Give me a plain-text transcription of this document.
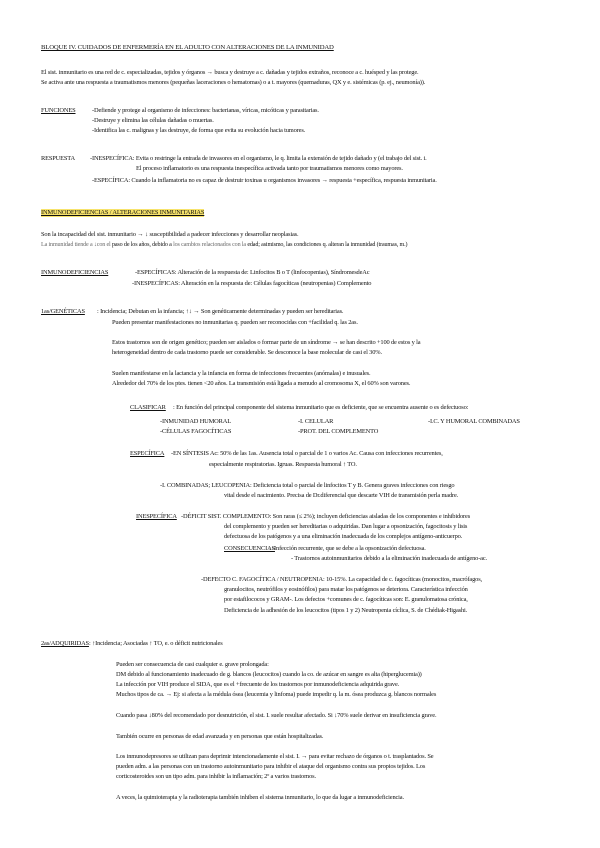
BLOQUE IV. CUIDADOS DE ENFERMERÍA EN EL ADULTO CON ALTERACIONES DE LA INMUNIDAD
El sist. inmunitario es una red de c. especializadas, tejidos y órganos → busca y destruye a c. dañadas y tejidos extraños, reconoce a c. huésped y las protege.
Se activa ante una respuesta a traumatismos menores (pequeñas laceraciones o hematomas) o a t. mayores (quemaduras, QX y e. sistémicas (p. ej., neumonía)).
FUNCIONES	-Defiende y protege al organismo de infecciones: bacterianas, víricas, micóticas y parasitarias.
-Destruye y elimina las células dañadas o muertas.
-Identifica las c. malignas y las destruye, de forma que evita su evolución hacia tumores.
RESPUESTA -INESPECÍFICA: Evita o restringe la entrada de invasores en el organismo, le q. limita la extensión de tejido dañado y (el trabajo del sist. i.
El proceso inflamatorio es una respuesta inespecífica activada tanto por traumatismos menores como mayores.
-ESPECÍFICA: Cuando la inflamatoria no es capaz de destruir toxinas u organismos invasores → respuesta +específica, respuesta inmunitaria.
INMUNODEFICIENCIAS / ALTERACIONES INMUNITARIAS
Son la incapacidad del sist. inmunitario → ↓ susceptibilidad a padecer infecciones y desarrollar neoplasias.
La inmunidad tiende a ↓con el paso de los años, debido a los cambios relacionados con la edad; asimismo, las condiciones q. alteran la inmunidad (traumas, m.)
INMUNODEFICIENCIAS	-ESPECÍFICAS: Alteración de la respuesta de: Linfocitos B o T (linfocopenias), SíndromesdeAc
-INESPECÍFICAS: Alteración en la respuesta de: Células fagocíticas (neutropenias) Complemento
1as/GENÉTICAS : Incidencia; Debutan en la infancia; ↑↓ → Son genéticamente determinadas y pueden ser hereditarias.
Pueden presentar manifestaciones no inmunitarias q. pueden ser reconocidas con +facilidad q. las 2as.
Estos trastornos son de origen genético; pueden ser aislados o formar parte de un síndrome → se han descrito +100 de estos y la
heterogeneidad dentro de cada trastorno puede ser considerable. Se desconoce la base molecular de casi el 30%.
Suelen manifestarse en la lactancia y la infancia en forma de infecciones frecuentes (anómalas) e inusuales.
Alrededor del 70% de los ptes. tienen <20 años. La transmisión está ligada a menudo al cromosoma X, el 60% son varones.
CLASIFICAR : En función del principal componente del sistema inmunitario que es deficiente, que se encuentra ausente o es defectuoso:
-INMUNIDAD HUMORAL
-CÉLULAS FAGOCÍTICAS
-I. CELULAR
-PROT. DEL COMPLEMENTO
-I.C. Y HUMORAL COMBINADAS
ESPECÍFICA -EN SÍNTESIS Ac: 50% de las 1as. Ausencia total o parcial de 1 o varios Ac. Causa con infecciones recurrentes,
especialmente respiratorias. Igruas. Respuesta humoral ↑ TO.
-I. COMBINADAS; LEUCOPENIA: Deficiencia total o parcial de linfocitos T y B. Genera graves infecciones con riesgo
vital desde el nacimiento. Precisa de Dr.diferencial que descarte VIH de transmisión perla madre.
INESPECÍFICA -DÉFICIT SIST. COMPLEMENTO: Son raras (≤ 2%); incluyen deficiencias aisladas de los componentes e inhibidores
del complemento y pueden ser hereditarias o adquiridas. Dan lugar a opsonización, fagocitosis y lisis
defectuosa de los patógenos y a una eliminación inadecuada de los complejos antígeno-anticuerpo.
CONSECUENCIAS
: -Infección recurrente, que se debe a la opsonización defectuosa.
- Trastornos autoinmunitarios debido a la eliminación inadecuada de antígeno-ac.
-DEFECTO C. FAGOCÍTICA / NEUTROPENIA: 10-15%. La capacidad de c. fagocíticas (monocitos, macrófagos,
granulocitos, neutrófilos y eosinófilos) para matar los patógenos se deteriora. Característica infección
por estafilococos y GRAM-. Los defectos +comunes de c. fagocíticas son: E. granulomatosa crónica,
Deficiencia de la adhesión de los leucocitos (tipos 1 y 2) Neutropenia cíclica, S. de Chédiak-Higashi.
2as/ADQUIRIDAS : ↑Incidencia; Asociadas ↑ TO, e. o déficit nutricionales
Pueden ser consecuencia de casi cualquier e. grave prolongada:
DM debido al funcionamiento inadecuado de g. blancos (leucocitos) cuando la co. de azúcar en sangre es alta (hiperglucemia))
La infección por VIH produce el SIDA, que es el +frecuente de los trastornos por inmunodeficiencia adquirida grave.
Muchos tipos de ca. → Ej: si afecta a la médula ósea (leucemia y linfoma) puede impedir q. la m. ósea produzca g. blancos normales
Cuando pasa ↓80% del recomendado por desnutrición, el sist. I. suele resultar afectado. Si ↓70% suele derivar en insuficiencia grave.
También ocurre en personas de edad avanzada y en personas que están hospitalizadas.
Los inmunodepresores se utilizan para deprimir intencionadamente el sist. I. → para evitar rechazo de órganos o t. trasplantados. Se
pueden adm. a las personas con un trastorno autoinmunitario para inhibir el ataque del organismo contra sus propios tejidos. Los
corticosteroides son un tipo adm. para inhibir la inflamación; 2º a varios trastornos.
A veces, la quimioterapia y la radioterapia también inhiben el sistema inmunitario, lo que da lugar a inmunodeficiencia.
